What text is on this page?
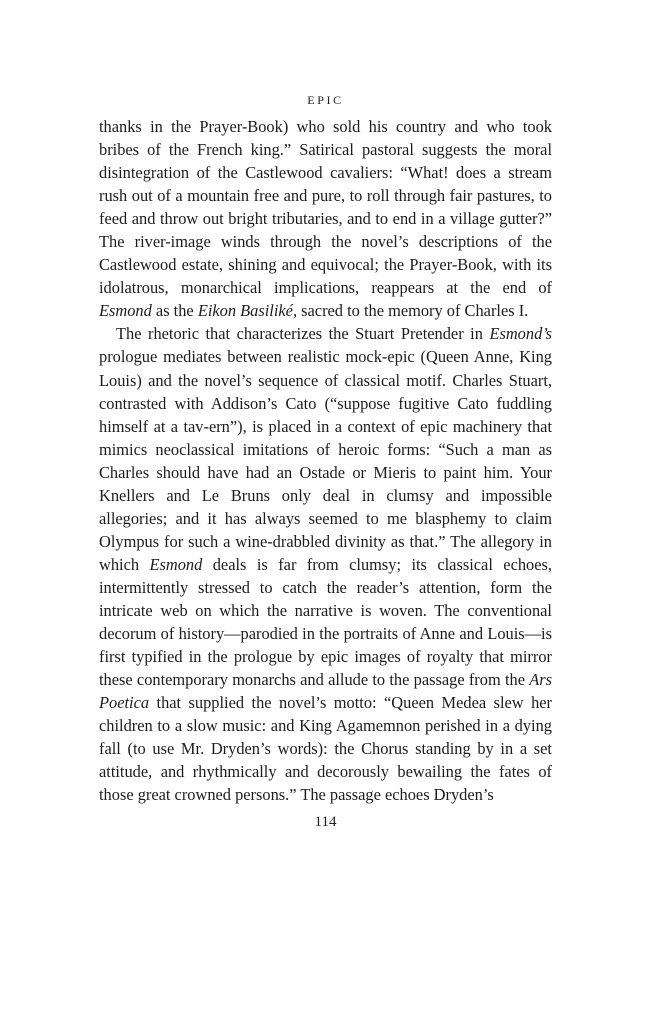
EPIC

thanks in the Prayer-Book) who sold his country and who took bribes of the French king.” Satirical pastoral suggests the moral disintegration of the Castlewood cavaliers: “What! does a stream rush out of a mountain free and pure, to roll through fair pastures, to feed and throw out bright tributaries, and to end in a village gutter?” The river-image winds through the novel’s descriptions of the Castlewood estate, shining and equivocal; the Prayer-Book, with its idolatrous, monarchical implications, reappears at the end of Esmond as the Eikon Basiliké, sacred to the memory of Charles I.

The rhetoric that characterizes the Stuart Pretender in Esmond’s prologue mediates between realistic mock-epic (Queen Anne, King Louis) and the novel’s sequence of classical motif. Charles Stuart, contrasted with Addison’s Cato (“suppose fugitive Cato fuddling himself at a tav-ern”), is placed in a context of epic machinery that mimics neoclassical imitations of heroic forms: “Such a man as Charles should have had an Ostade or Mieris to paint him. Your Knellers and Le Bruns only deal in clumsy and impossible allegories; and it has always seemed to me blasphemy to claim Olympus for such a wine-drabbled divinity as that.” The allegory in which Esmond deals is far from clumsy; its classical echoes, intermittently stressed to catch the reader’s attention, form the intricate web on which the narrative is woven. The conventional decorum of history—parodied in the portraits of Anne and Louis—is first typified in the prologue by epic images of royalty that mirror these contemporary monarchs and allude to the passage from the Ars Poetica that supplied the novel’s motto: “Queen Medea slew her children to a slow music: and King Agamemnon perished in a dying fall (to use Mr. Dryden’s words): the Chorus standing by in a set attitude, and rhythmically and decorously bewailing the fates of those great crowned persons.” The passage echoes Dryden’s

114
